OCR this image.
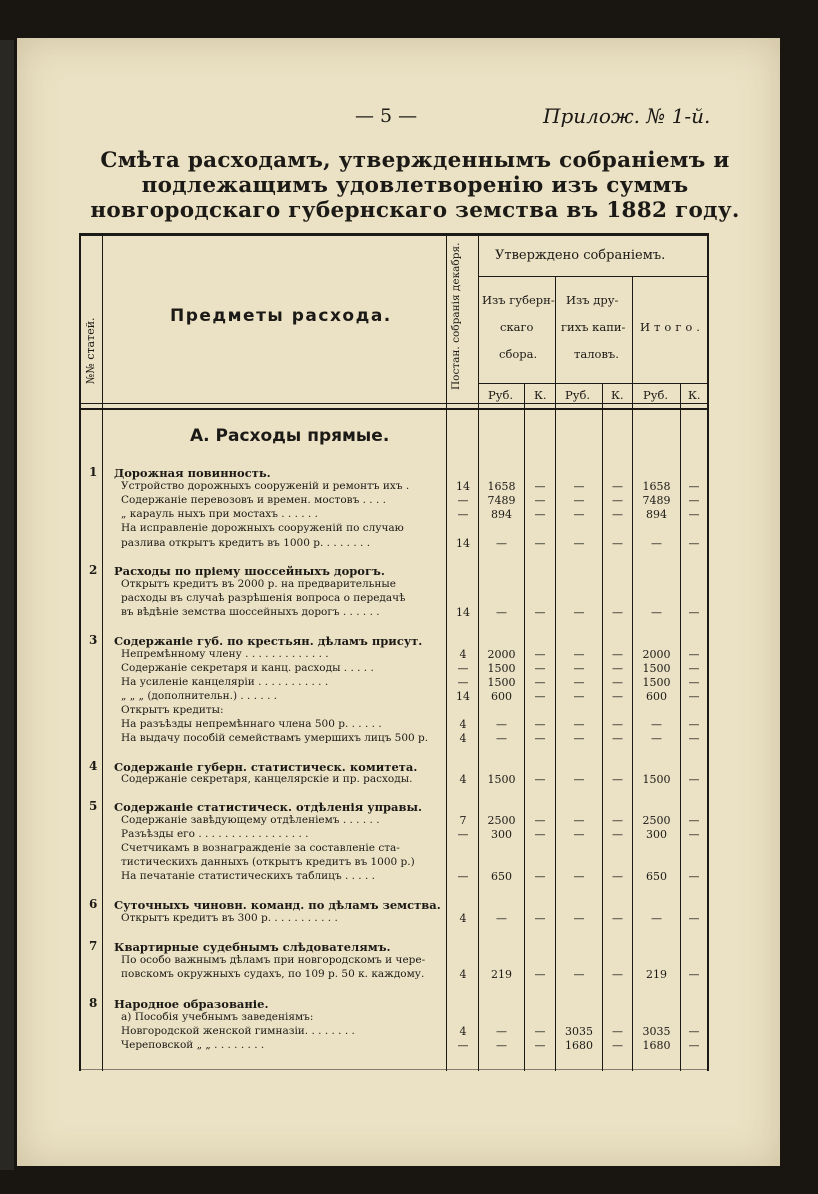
— 5 —	Прилож. № 1-й.
Смѣта расходамъ, утвержденнымъ собраніемъ и подлежащимъ удовлетворенію изъ суммъ новгородскаго губернскаго земства въ 1882 году.
№№ статей.
Предметы расхода.	Постан. собранія декабря.	Утверждено собраніемъ.
Изъ губерн-
скаго
сбора.
Изъ дру-
гихъ капи-
таловъ.
Итого.
Руб. К. Руб. К. Руб. К.
А. Расходы прямые.
1 Дорожная повинность.
Устройство дорожныхъ сооруженій и ремонтъ ихъ .	14	1658	—	—	—	1658	—
Содержаніе перевозовъ и времен. мостовъ . . . .	—	7489	—	—	—	7489	—
„ карауль ныхъ при мостахъ . . . . . .	—	894	—	—	—	894	—
На исправленіе дорожныхъ сооруженій по случаю
разлива открытъ кредитъ въ 1000 р. . . . . . . .	14	—	—	—	—	—	—
2 Расходы по пріему шоссейныхъ дорогъ.
Открытъ кредитъ въ 2000 р. на предварительные
расходы въ случаѣ разрѣшенія вопроса о передачѣ
въ вѣдѣніе земства шоссейныхъ дорогъ . . . . . .	14	—	—	—	—	—	—
3 Содержаніе губ. по крестьян. дѣламъ присут.
Непремѣнному члену . . . . . . . . . . . . .	4	2000	—	—	—	2000	—
Содержаніе секретаря и канц. расходы . . . . .	—	1500	—	—	—	1500	—
На усиленіе канцеляріи . . . . . . . . . . .	—	1500	—	—	—	1500	—
„ „ „ (дополнительн.) . . . . . .	14	600	—	—	—	600	—
Открытъ кредиты:
На разъѣзды непремѣннаго члена 500 р. . . . . .	4	—	—	—	—	—	—
На выдачу пособій семействамъ умершихъ лицъ 500 р.	4	—	—	—	—	—	—
4 Содержаніе губерн. статистическ. комитета.
Содержаніе секретаря, канцелярскіе и пр. расходы.	4	1500	—	—	—	1500	—
5 Содержаніе статистическ. отдѣленія управы.
Содержаніе завѣдующему отдѣленіемъ . . . . . .	7	2500	—	—	—	2500	—
Разъѣзды его . . . . . . . . . . . . . . . . .	—	300	—	—	—	300	—
Счетчикамъ в вознагражденіе за составленіе ста-
тистическихъ данныхъ (открытъ кредитъ въ 1000 р.)
На печатаніе статистическихъ таблицъ . . . . .	—	650	—	—	—	650	—
6 Суточныхъ чиновн. команд. по дѣламъ земства.
Открытъ кредитъ въ 300 р. . . . . . . . . . .	4	—	—	—	—	—	—
7 Квартирные судебнымъ слѣдователямъ.
По особо важнымъ дѣламъ при новгородскомъ и чере-
повскомъ окружныхъ судахъ, по 109 р. 50 к. каждому.	4	219	—	—	—	219	—
8 Народное образованіе.
а) Пособія учебнымъ заведеніямъ:
Новгородской женской гимназіи. . . . . . . .	4	—	—	3035	—	3035	—
Череповской „ „ . . . . . . . .	—	—	—	1680	—	1680	—
